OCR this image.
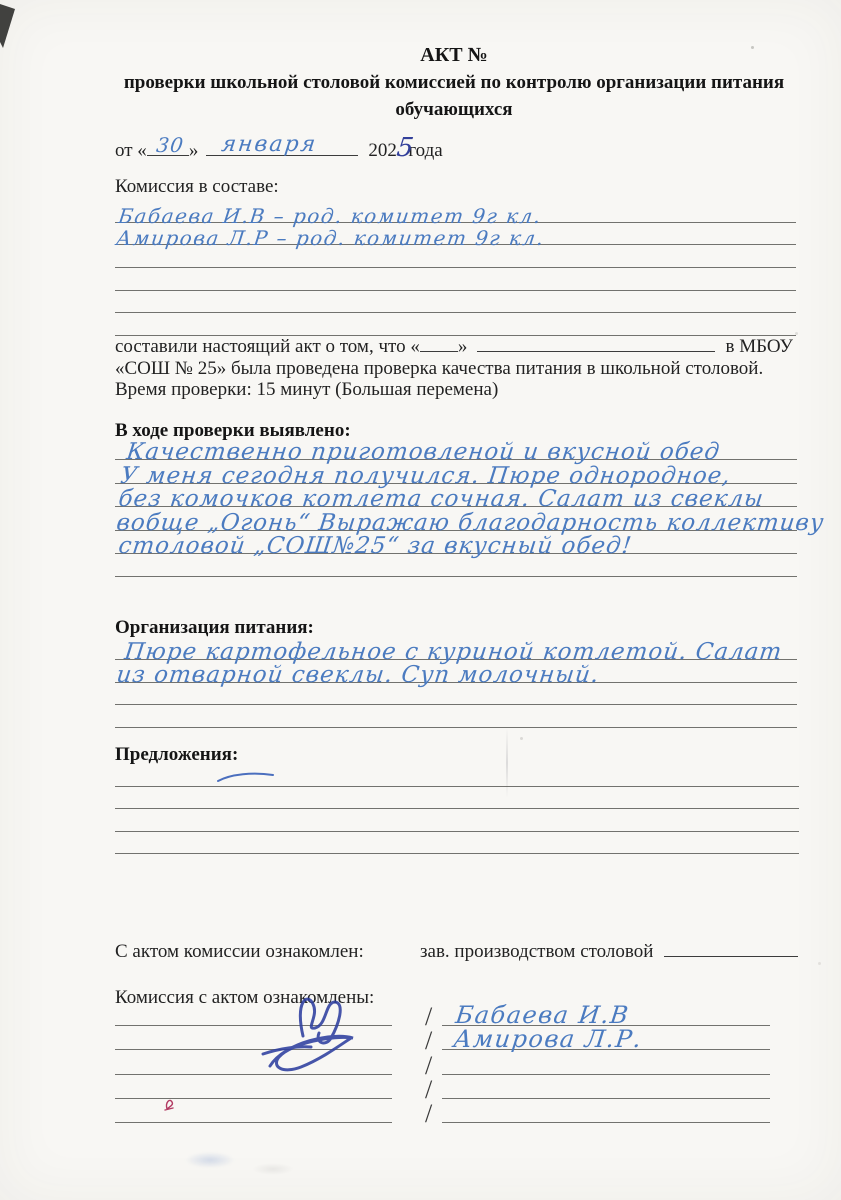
АКТ №
проверки школьной столовой комиссией по контролю организации питания
обучающихся
от « 30 » января	202
5
года
Комиссия в составе:
Бабаева И.В – род. комитет 9г кл.
Амирова Л.Р – род. комитет 9г кл.
составили настоящий акт о том, что « »	в МБОУ
«СОШ № 25» была проведена проверка качества питания в школьной столовой.
Время проверки: 15 минут (Большая перемена)
В ходе проверки выявлено:
Качественно приготовленой и вкусной обед
У меня сегодня получился. Пюре однородное,
без комочков котлета сочная. Салат из свеклы
вобще „Огонь“ Выражаю благодарность коллективу
столовой „СОШ№25“ за вкусный обед!
Организация питания:
Пюре картофельное с куриной котлетой. Салат
из отварной свеклы. Суп молочный.
Предложения:
С актом комиссии ознакомлен:	зав. производством столовой
Комиссия с актом ознакомлены:
/ Бабаева И.В
/ Амирова Л.Р.
/
/
/
